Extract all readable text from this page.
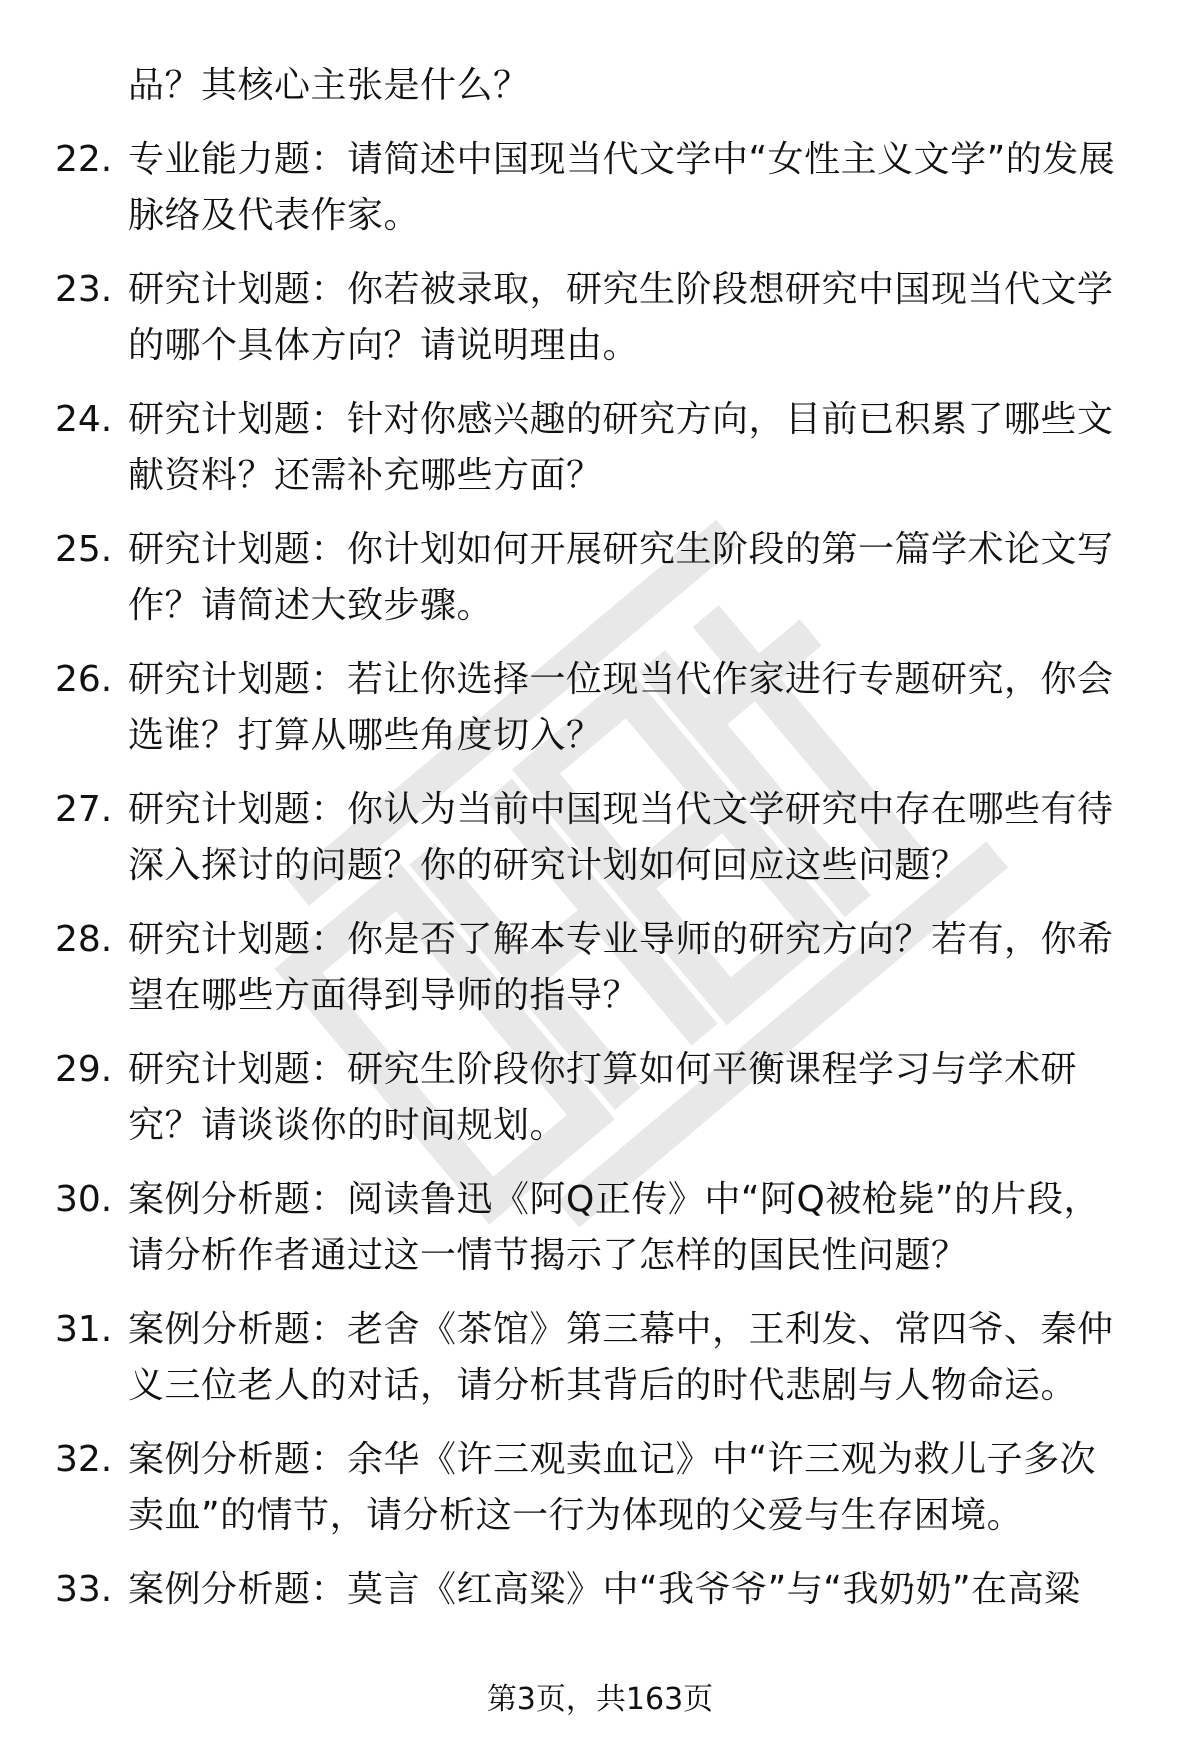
品？其核心主张是什么？
22. 专业能力题：请简述中国现当代文学中“女性主义文学”的发展脉络及代表作家。
23. 研究计划题：你若被录取，研究生阶段想研究中国现当代文学的哪个具体方向？请说明理由。
24. 研究计划题：针对你感兴趣的研究方向，目前已积累了哪些文献资料？还需补充哪些方面？
25. 研究计划题：你计划如何开展研究生阶段的第一篇学术论文写作？请简述大致步骤。
26. 研究计划题：若让你选择一位现当代作家进行专题研究，你会选谁？打算从哪些角度切入？
27. 研究计划题：你认为当前中国现当代文学研究中存在哪些有待深入探讨的问题？你的研究计划如何回应这些问题？
28. 研究计划题：你是否了解本专业导师的研究方向？若有，你希望在哪些方面得到导师的指导？
29. 研究计划题：研究生阶段你打算如何平衡课程学习与学术研究？请谈谈你的时间规划。
30. 案例分析题：阅读鲁迅《阿Q正传》中“阿Q被枪毙”的片段，请分析作者通过这一情节揭示了怎样的国民性问题？
31. 案例分析题：老舍《茶馆》第三幕中，王利发、常四爷、秦仲义三位老人的对话，请分析其背后的时代悲剧与人物命运。
32. 案例分析题：余华《许三观卖血记》中“许三观为救儿子多次卖血”的情节，请分析这一行为体现的父爱与生存困境。
33. 案例分析题：莫言《红高粱》中“我爷爷”与“我奶奶”在高粱
第3页，共163页
